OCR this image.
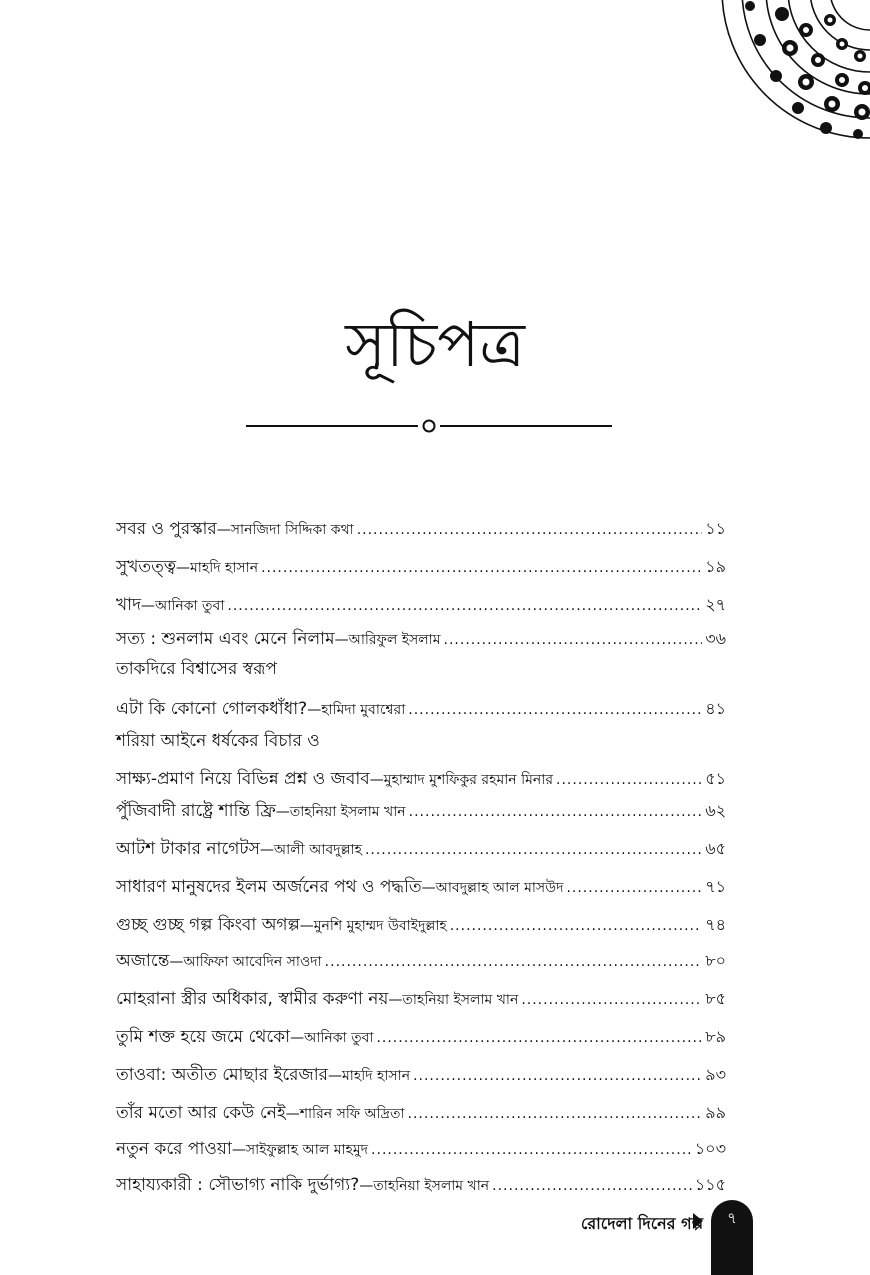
সূচিপত্র
সবর ও পুরস্কার —সানজিদা সিদ্দিকা কথা .....	১১
সুখতত্ত্ব —মাহদি হাসান .....	১৯
খাদ —আনিকা তুবা .....	২৭
সত্য : শুনলাম এবং মেনে নিলাম —আরিফুল ইসলাম .....	৩৬
তাকদিরে বিশ্বাসের স্বরূপ
এটা কি কোনো গোলকধাঁধা? —হামিদা মুবাশ্বেরা .....	৪১
শরিয়া আইনে ধর্ষকের বিচার ও
সাক্ষ্য-প্রমাণ নিয়ে বিভিন্ন প্রশ্ন ও জবাব —মুহাম্মাদ মুশফিকুর রহমান মিনার .....	৫১
পুঁজিবাদী রাষ্ট্রে শান্তি ফ্রি —তাহনিয়া ইসলাম খান .....	৬২
আটশ টাকার নাগেটস —আলী আবদুল্লাহ .....	৬৫
সাধারণ মানুষদের ইলম অর্জনের পথ ও পদ্ধতি —আবদুল্লাহ আল মাসউদ .....	৭১
গুচ্ছ গুচ্ছ গল্প কিংবা অগল্প —মুনশি মুহাম্মদ উবাইদুল্লাহ .....	৭৪
অজান্তে —আফিফা আবেদিন সাওদা .....	৮০
মোহরানা স্ত্রীর অধিকার, স্বামীর করুণা নয় —তাহনিয়া ইসলাম খান .....	৮৫
তুমি শক্ত হয়ে জমে থেকো —আনিকা তুবা .....	৮৯
তাওবা: অতীত মোছার ইরেজার —মাহদি হাসান .....	৯৩
তাঁর মতো আর কেউ নেই —শারিন সফি অদ্রিতা .....	৯৯
নতুন করে পাওয়া —সাইফুল্লাহ আল মাহমুদ .....	১০৩
সাহায্যকারী : সৌভাগ্য নাকি দুর্ভাগ্য? —তাহনিয়া ইসলাম খান .....	১১৫
রোদেলা দিনের গল্প	৭
